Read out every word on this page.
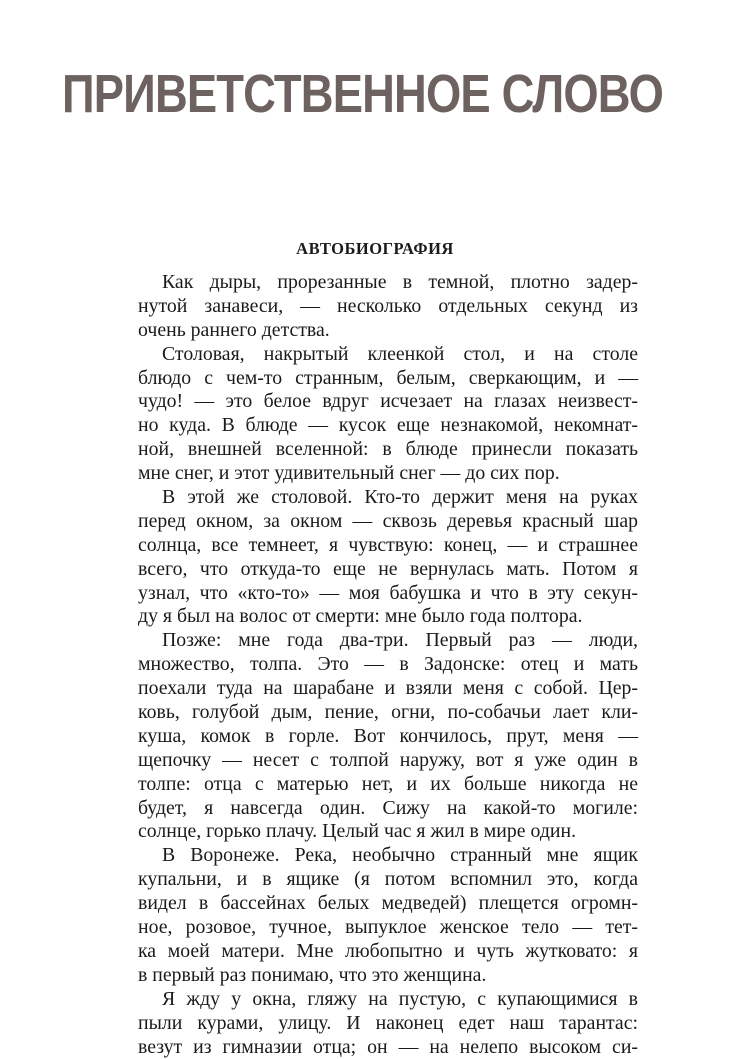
ПРИВЕТСТВЕННОЕ СЛОВО
АВТОБИОГРАФИЯ
Как дыры, прорезанные в темной, плотно задер-
нутой занавеси, — несколько отдельных секунд из
очень раннего детства.
Столовая, накрытый клеенкой стол, и на столе
блюдо с чем-то странным, белым, сверкающим, и —
чудо! — это белое вдруг исчезает на глазах неизвест-
но куда. В блюде — кусок еще незнакомой, некомнат-
ной, внешней вселенной: в блюде принесли показать
мне снег, и этот удивительный снег — до сих пор.
В этой же столовой. Кто-то держит меня на руках
перед окном, за окном — сквозь деревья красный шар
солнца, все темнеет, я чувствую: конец, — и страшнее
всего, что откуда-то еще не вернулась мать. Потом я
узнал, что «кто-то» — моя бабушка и что в эту секун-
ду я был на волос от смерти: мне было года полтора.
Позже: мне года два-три. Первый раз — люди,
множество, толпа. Это — в Задонске: отец и мать
поехали туда на шарабане и взяли меня с собой. Цер-
ковь, голубой дым, пение, огни, по-собачьи лает кли-
куша, комок в горле. Вот кончилось, прут, меня —
щепочку — несет с толпой наружу, вот я уже один в
толпе: отца с матерью нет, и их больше никогда не
будет, я навсегда один. Сижу на какой-то могиле:
солнце, горько плачу. Целый час я жил в мире один.
В Воронеже. Река, необычно странный мне ящик
купальни, и в ящике (я потом вспомнил это, когда
видел в бассейнах белых медведей) плещется огромн-
ное, розовое, тучное, выпуклое женское тело — тет-
ка моей матери. Мне любопытно и чуть жутковато: я
в первый раз понимаю, что это женщина.
Я жду у окна, гляжу на пустую, с купающимися в
пыли курами, улицу. И наконец едет наш тарантас:
везут из гимназии отца; он — на нелепо высоком си-
